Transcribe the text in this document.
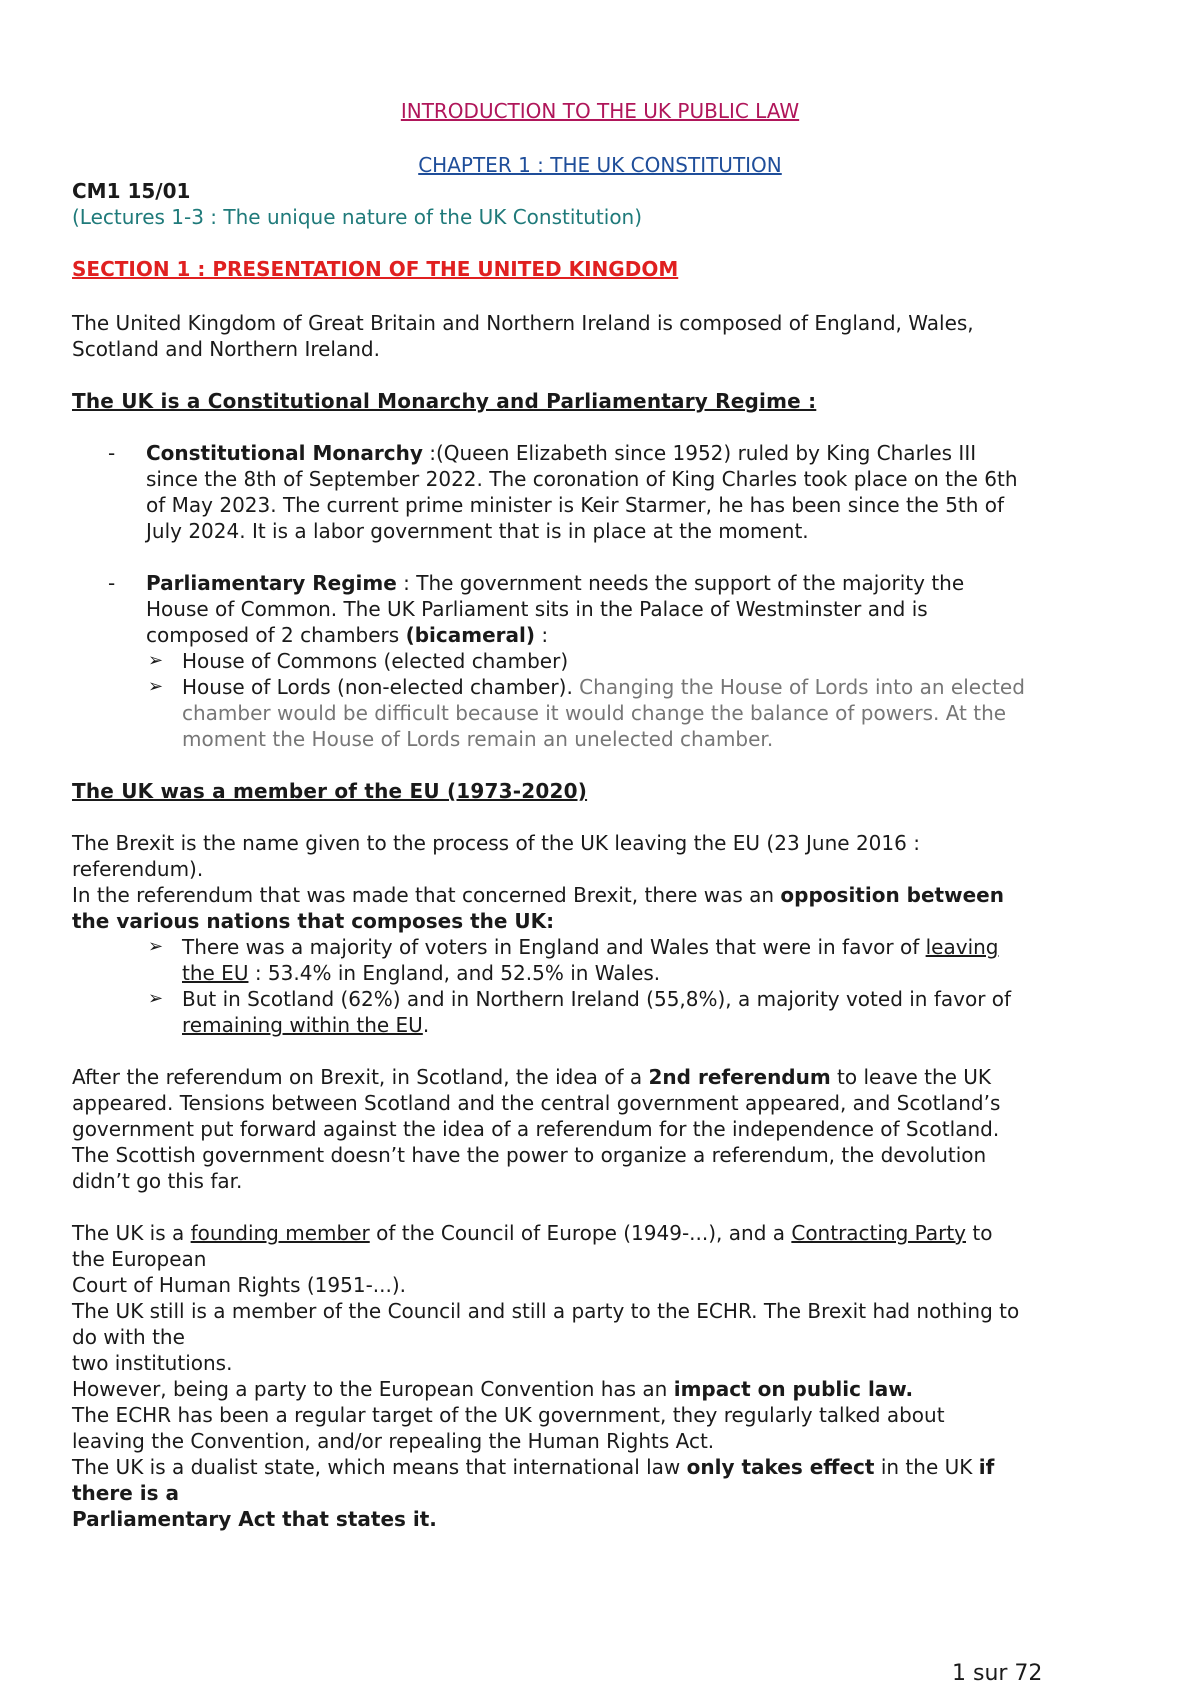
INTRODUCTION TO THE UK PUBLIC LAW
CHAPTER 1 : THE UK CONSTITUTION
CM1 15/01
(Lectures 1-3 : The unique nature of the UK Constitution)
SECTION 1 : PRESENTATION OF THE UNITED KINGDOM
The United Kingdom of Great Britain and Northern Ireland is composed of England, Wales,
Scotland and Northern Ireland.
The UK is a Constitutional Monarchy and Parliamentary Regime :
- Constitutional Monarchy :(Queen Elizabeth since 1952) ruled by King Charles III
since the 8th of September 2022. The coronation of King Charles took place on the 6th
of May 2023. The current prime minister is Keir Starmer, he has been since the 5th of
July 2024. It is a labor government that is in place at the moment.
- Parliamentary Regime : The government needs the support of the majority the
House of Common. The UK Parliament sits in the Palace of Westminster and is
composed of 2 chambers (bicameral) :
➢ House of Commons (elected chamber)
➢ House of Lords (non-elected chamber). Changing the House of Lords into an elected
chamber would be difficult because it would change the balance of powers. At the
moment the House of Lords remain an unelected chamber.
The UK was a member of the EU (1973-2020)
The Brexit is the name given to the process of the UK leaving the EU (23 June 2016 :
referendum).
In the referendum that was made that concerned Brexit, there was an opposition between
the various nations that composes the UK:
➢ There was a majority of voters in England and Wales that were in favor of leaving
the EU : 53.4% in England, and 52.5% in Wales.
➢ But in Scotland (62%) and in Northern Ireland (55,8%), a majority voted in favor of
remaining within the EU.
After the referendum on Brexit, in Scotland, the idea of a 2nd referendum to leave the UK
appeared. Tensions between Scotland and the central government appeared, and Scotland’s
government put forward against the idea of a referendum for the independence of Scotland.
The Scottish government doesn’t have the power to organize a referendum, the devolution
didn’t go this far.
The UK is a founding member of the Council of Europe (1949-...), and a Contracting Party to
the European
Court of Human Rights (1951-...).
The UK still is a member of the Council and still a party to the ECHR. The Brexit had nothing to
do with the
two institutions.
However, being a party to the European Convention has an impact on public law.
The ECHR has been a regular target of the UK government, they regularly talked about
leaving the Convention, and/or repealing the Human Rights Act.
The UK is a dualist state, which means that international law only takes effect in the UK if
there is a
Parliamentary Act that states it.
1 sur 72
